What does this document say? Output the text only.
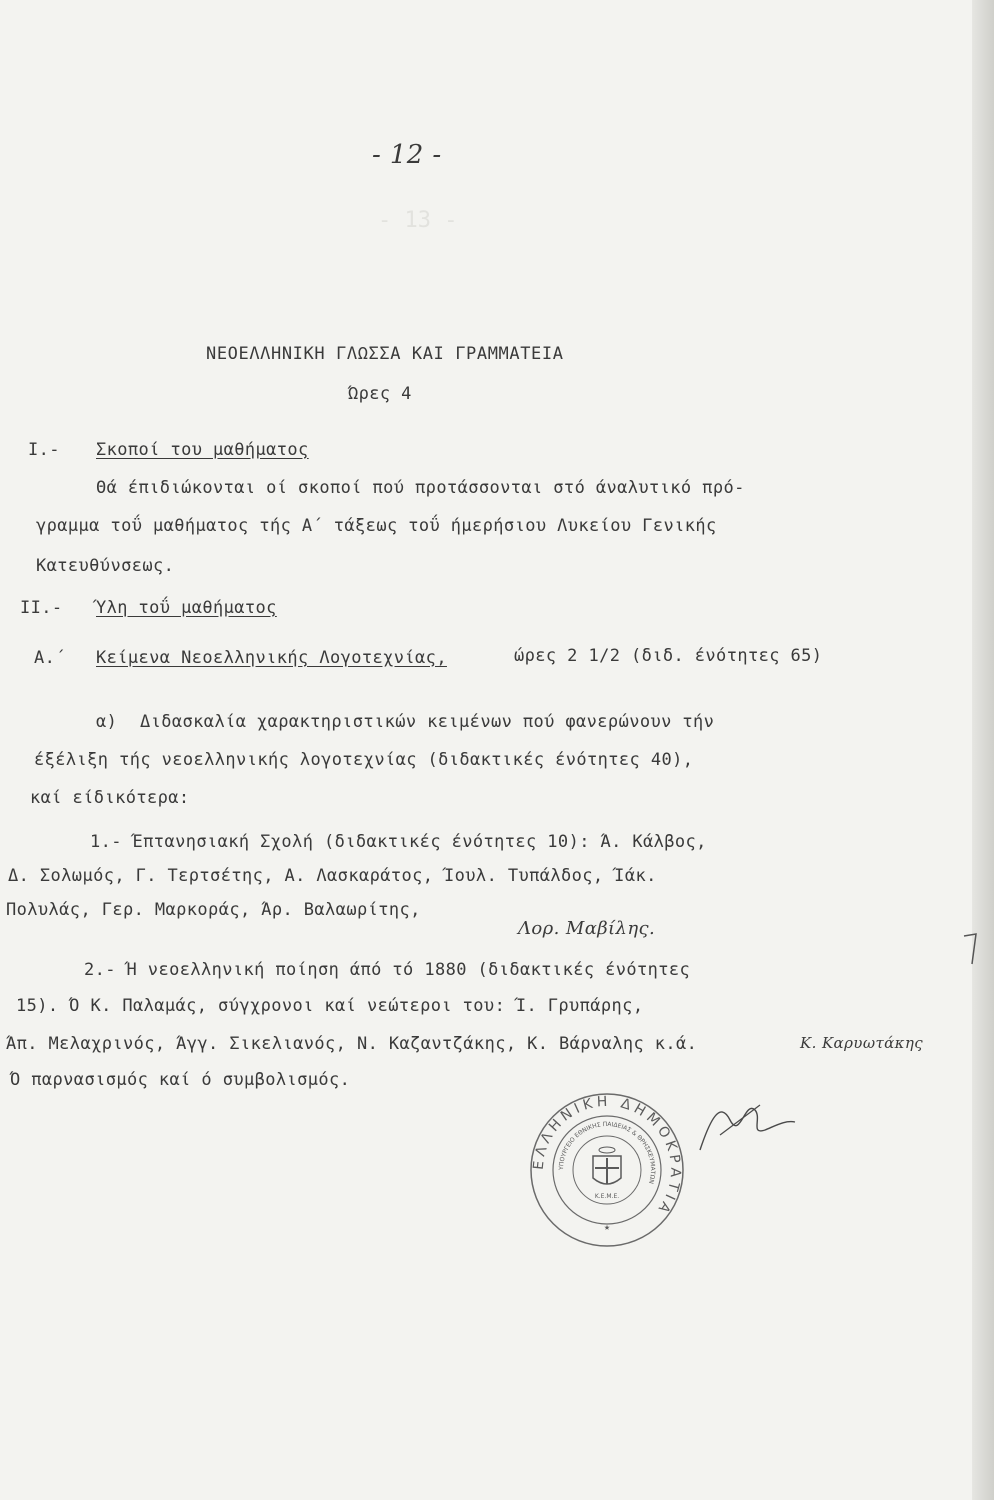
- 13 -
- 12 -
ΝΕΟΕΛΛΗΝΙΚΗ ΓΛΩΣΣΑ ΚΑΙ ΓΡΑΜΜΑΤΕΙΑ
Ώρες 4
Ι.- Σκοποί του μαθήματος
Θά έπιδιώκονται οί σκοποί πού προτάσσονται στό άναλυτικό πρό-
γραμμα τοΰ μαθήματος τής Α΄ τάξεως τοΰ ήμερήσιου Λυκείου Γενικής
Κατευθύνσεως.
ΙΙ.- Ύλη τοΰ μαθήματος
Α.΄ Κείμενα Νεοελληνικής Λογοτεχνίας,	ώρες 2 1/2 (διδ. ένότητες 65)
α) Διδασκαλία χαρακτηριστικών κειμένων πού φανερώνουν τήν
έξέλιξη τής νεοελληνικής λογοτεχνίας (διδακτικές ένότητες 40),
καί είδικότερα:
1.- Έπτανησιακή Σχολή (διδακτικές ένότητες 10): Ά. Κάλβος,
Δ. Σολωμός, Γ. Τερτσέτης, Α. Λασκαράτος, Ίουλ. Τυπάλδος, Ίάκ.
Πολυλάς, Γερ. Μαρκοράς, Άρ. Βαλαωρίτης,
Λορ. Μαβίλης.
2.- Ή νεοελληνική ποίηση άπό τό 1880 (διδακτικές ένότητες
15). Ό Κ. Παλαμάς, σύγχρονοι καί νεώτεροι του: Ί. Γρυπάρης,
Άπ. Μελαχρινός, Άγγ. Σικελιανός, Ν. Καζαντζάκης, Κ. Βάρναλης κ.ά.	Κ. Καρυωτάκης
Ό παρνασισμός καί ό συμβολισμός.
ΕΛΛΗΝΙΚΗ ΔΗΜΟΚΡΑΤΙΑ
ΥΠΟΥΡΓΕΙΟ ΕΘΝΙΚΗΣ ΠΑΙΔΕΙΑΣ & ΘΡΗΣΚΕΥΜΑΤΩΝ
Κ.Ε.Μ.Ε.
★
